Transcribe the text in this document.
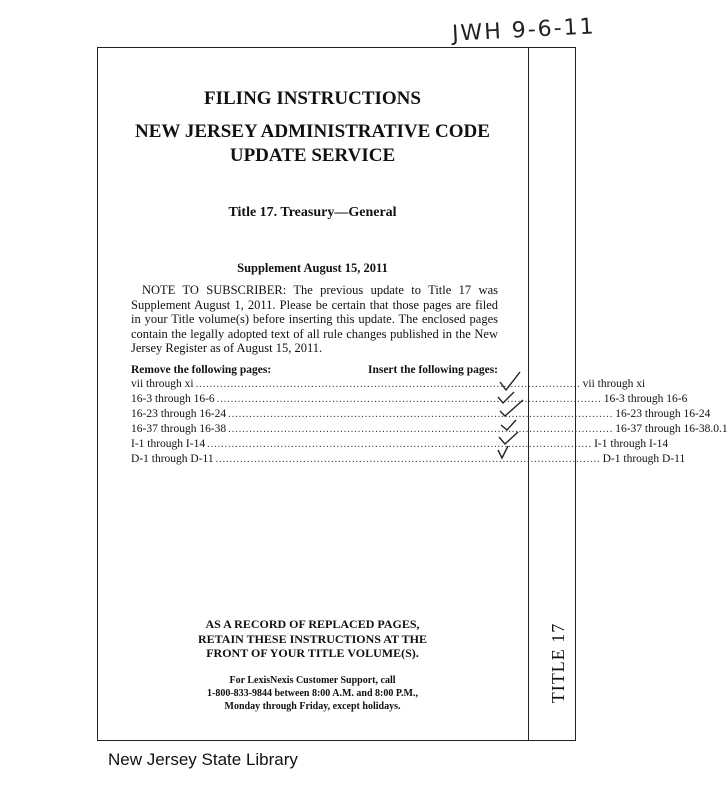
JWH 9-6-11
TITLE 17
FILING INSTRUCTIONS
NEW JERSEY ADMINISTRATIVE CODE
UPDATE SERVICE
Title 17. Treasury—General
Supplement August 15, 2011
NOTE TO SUBSCRIBER: The previous update to Title 17 was Supplement August 1, 2011. Please be certain that those pages are filed in your Title volume(s) before inserting this update. The enclosed pages contain the legally adopted text of all rule changes published in the New Jersey Register as of August 15, 2011.
Remove the following pages:	Insert the following pages:
vii through xi .............................................................................................................. vii through xi
16-3 through 16-6 .............................................................................................................. 16-3 through 16-6
16-23 through 16-24 .............................................................................................................. 16-23 through 16-24
16-37 through 16-38 .............................................................................................................. 16-37 through 16-38.0.1
I-1 through I-14 .............................................................................................................. I-1 through I-14
D-1 through D-11 .............................................................................................................. D-1 through D-11
AS A RECORD OF REPLACED PAGES,
RETAIN THESE INSTRUCTIONS AT THE
FRONT OF YOUR TITLE VOLUME(S).
For LexisNexis Customer Support, call
1-800-833-9844 between 8:00 A.M. and 8:00 P.M.,
Monday through Friday, except holidays.
New Jersey State Library
